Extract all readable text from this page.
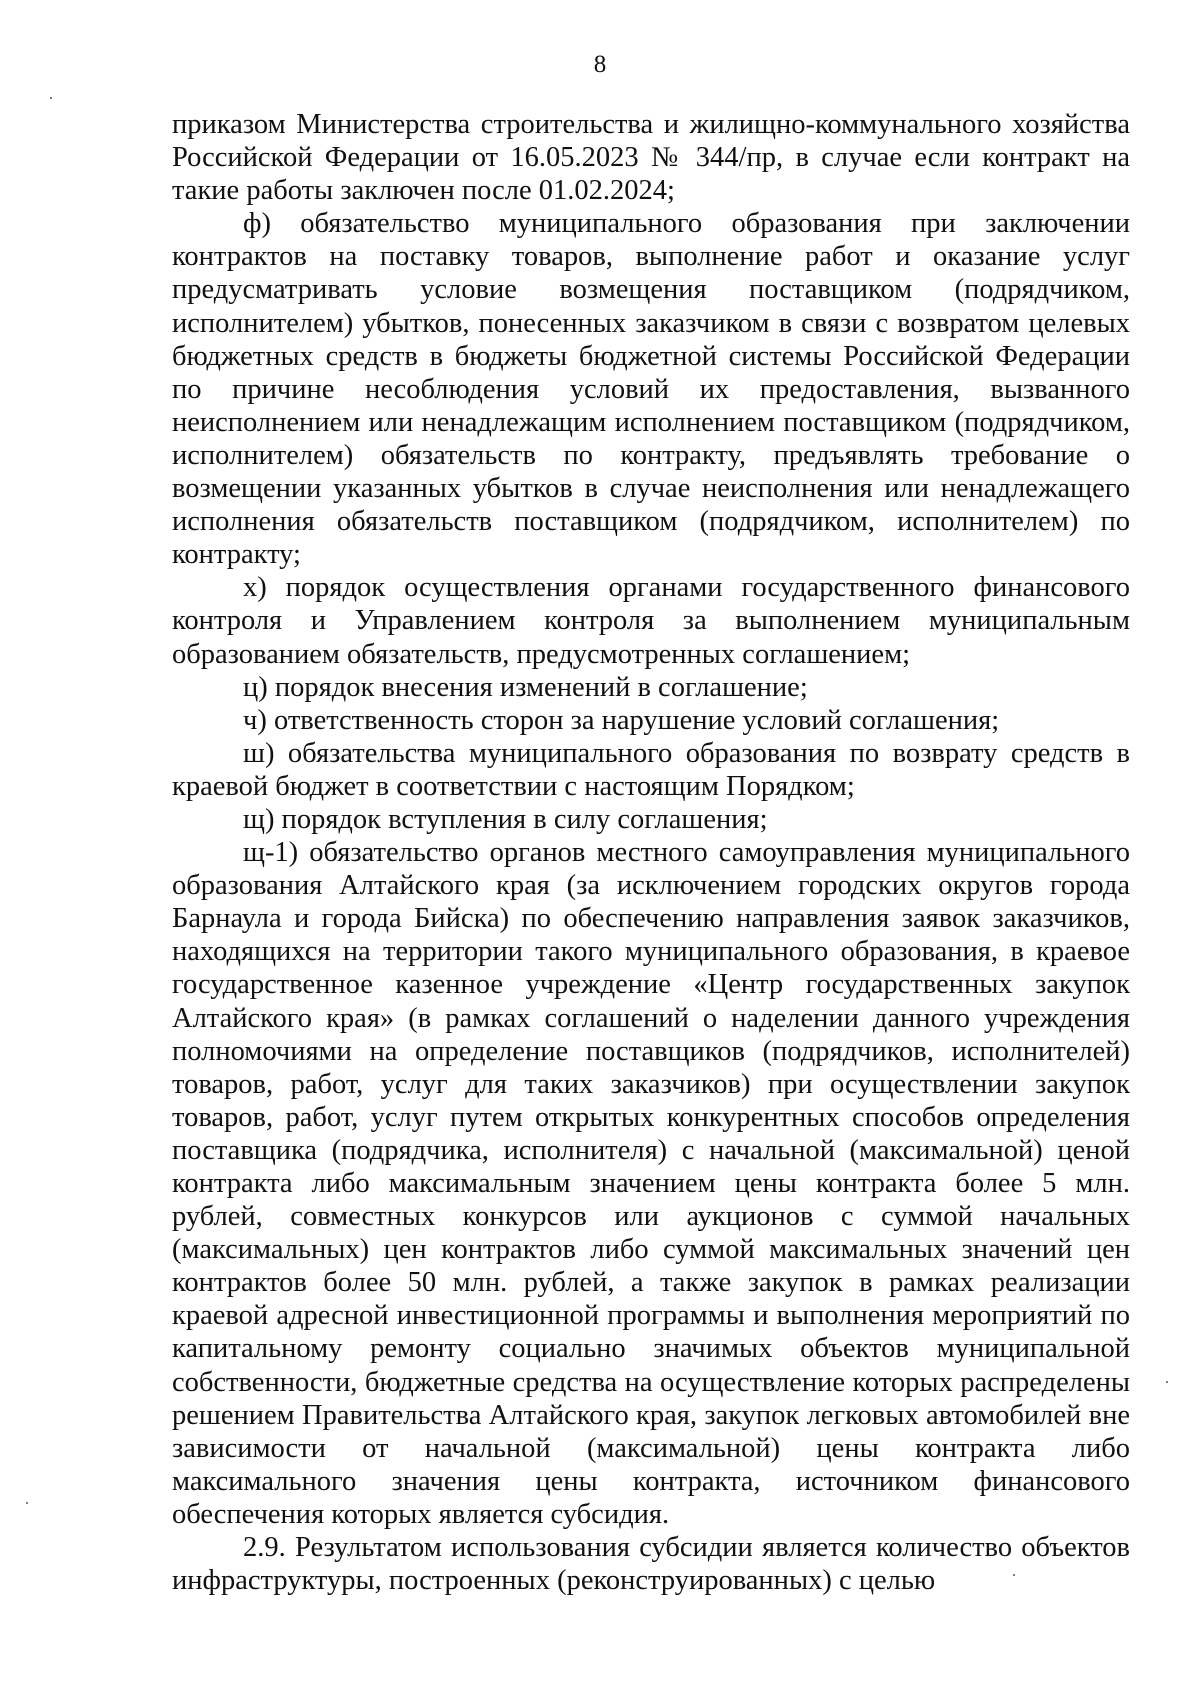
8

приказом Министерства строительства и жилищно-коммунального хозяйства Российской Федерации от 16.05.2023 № 344/пр, в случае если контракт на такие работы заключен после 01.02.2024;

ф) обязательство муниципального образования при заключении контрактов на поставку товаров, выполнение работ и оказание услуг предусматривать условие возмещения поставщиком (подрядчиком, исполнителем) убытков, понесенных заказчиком в связи с возвратом целевых бюджетных средств в бюджеты бюджетной системы Российской Федерации по причине несоблюдения условий их предоставления, вызванного неисполнением или ненадлежащим исполнением поставщиком (подрядчиком, исполнителем) обязательств по контракту, предъявлять требование о возмещении указанных убытков в случае неисполнения или ненадлежащего исполнения обязательств поставщиком (подрядчиком, исполнителем) по контракту;

х) порядок осуществления органами государственного финансового контроля и Управлением контроля за выполнением муниципальным образованием обязательств, предусмотренных соглашением;

ц) порядок внесения изменений в соглашение;

ч) ответственность сторон за нарушение условий соглашения;

ш) обязательства муниципального образования по возврату средств в краевой бюджет в соответствии с настоящим Порядком;

щ) порядок вступления в силу соглашения;

щ-1) обязательство органов местного самоуправления муниципального образования Алтайского края (за исключением городских округов города Барнаула и города Бийска) по обеспечению направления заявок заказчиков, находящихся на территории такого муниципального образования, в краевое государственное казенное учреждение «Центр государственных закупок Алтайского края» (в рамках соглашений о наделении данного учреждения полномочиями на определение поставщиков (подрядчиков, исполнителей) товаров, работ, услуг для таких заказчиков) при осуществлении закупок товаров, работ, услуг путем открытых конкурентных способов определения поставщика (подрядчика, исполнителя) с начальной (максимальной) ценой контракта либо максимальным значением цены контракта более 5 млн. рублей, совместных конкурсов или аукционов с суммой начальных (максимальных) цен контрактов либо суммой максимальных значений цен контрактов более 50 млн. рублей, а также закупок в рамках реализации краевой адресной инвестиционной программы и выполнения мероприятий по капитальному ремонту социально значимых объектов муниципальной собственности, бюджетные средства на осуществление которых распределены решением Правительства Алтайского края, закупок легковых автомобилей вне зависимости от начальной (максимальной) цены контракта либо максимального значения цены контракта, источником финансового обеспечения которых является субсидия.

2.9. Результатом использования субсидии является количество объектов инфраструктуры, построенных (реконструированных) с целью
